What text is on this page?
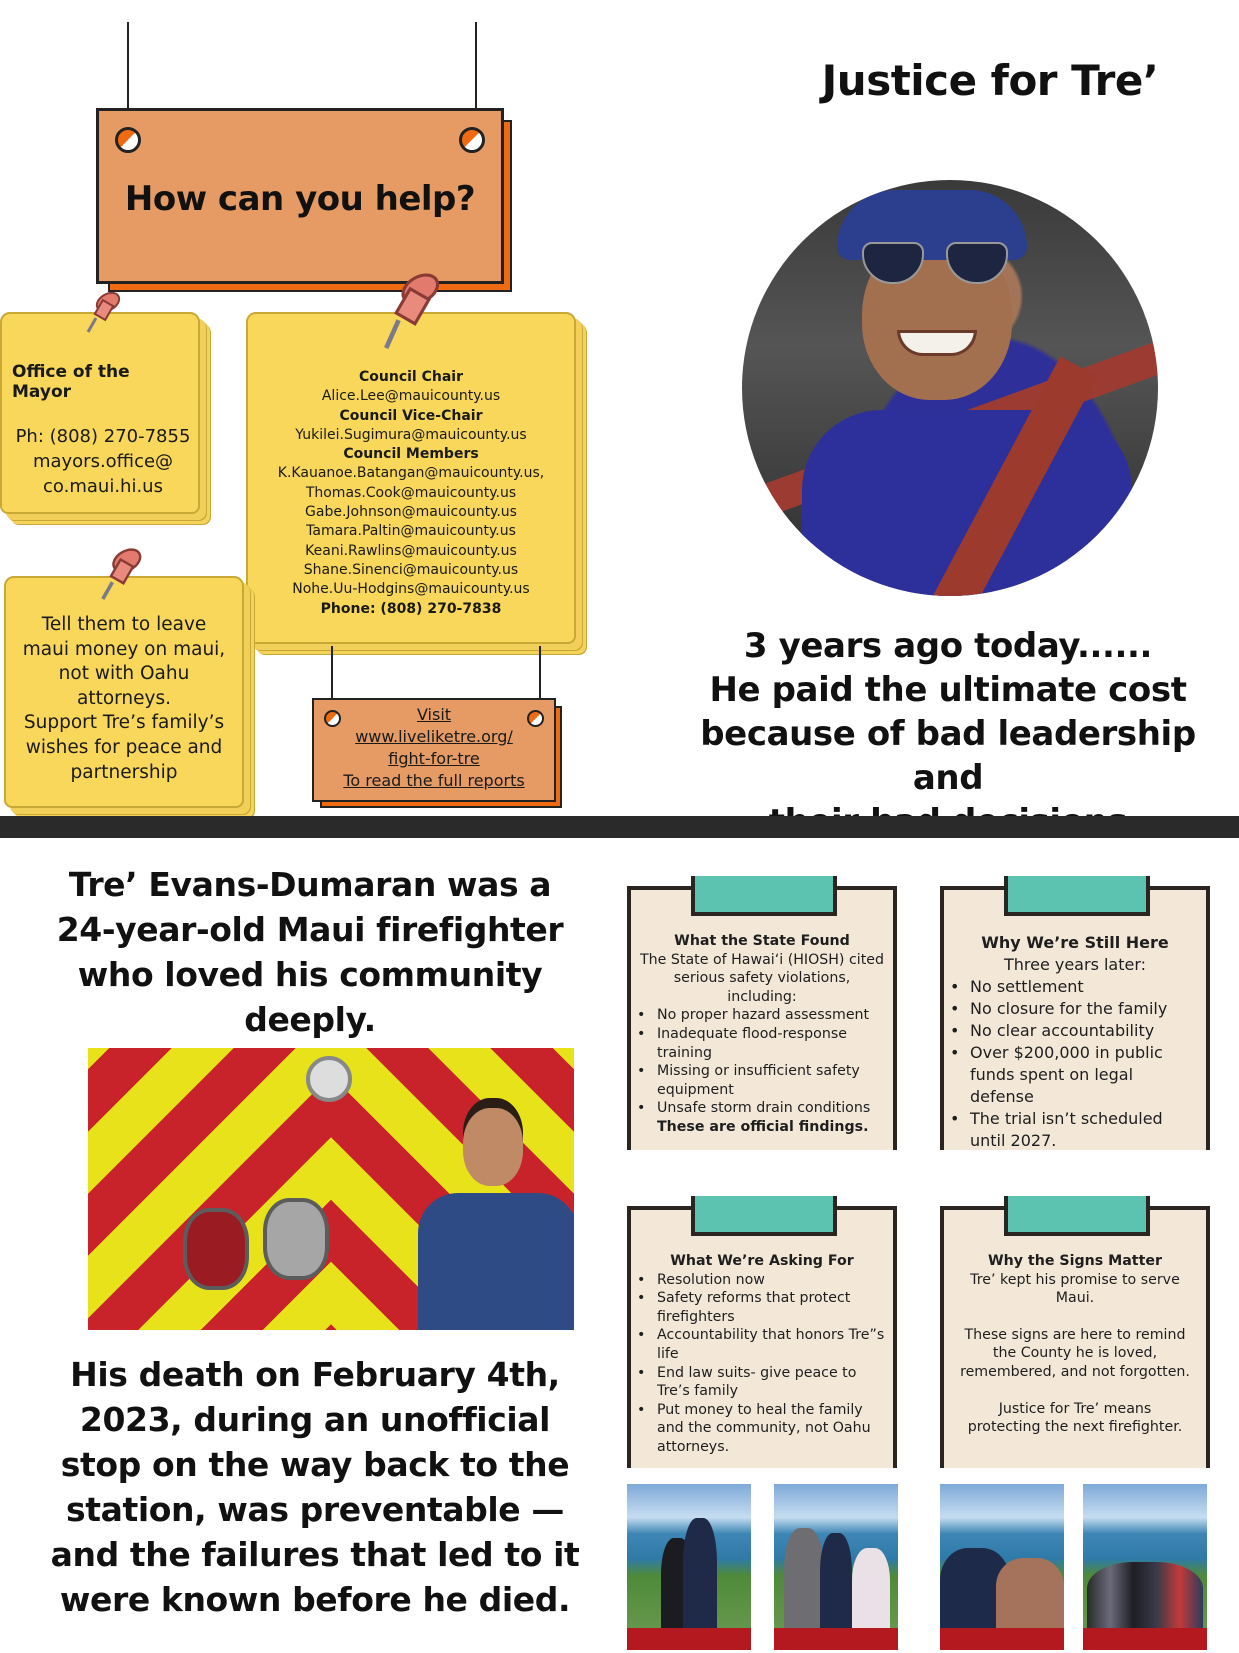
How can you help?
Office of the Mayor
Ph: (808) 270-7855
mayors.office@
co.maui.hi.us
Council Chair
Alice.Lee@mauicounty.us
Council Vice-Chair
Yukilei.Sugimura@mauicounty.us
Council Members
K.Kauanoe.Batangan@mauicounty.us,
Thomas.Cook@mauicounty.us
Gabe.Johnson@mauicounty.us
Tamara.Paltin@mauicounty.us
Keani.Rawlins@mauicounty.us
Shane.Sinenci@mauicounty.us
Nohe.Uu-Hodgins@mauicounty.us
Phone: (808) 270-7838
Tell them to leave
maui money on maui,
not with Oahu
attorneys.
Support Tre’s family’s
wishes for peace and
partnership
Visit
www.liveliketre.org/
fight-for-tre
To read the full reports
Justice for Tre’
3 years ago today......
He paid the ultimate cost
because of bad leadership and
Tre’ Evans-Dumaran was a
24-year-old Maui firefighter
who loved his community
deeply.
His death on February 4th,
2023, during an unofficial
stop on the way back to the
station, was preventable —
and the failures that led to it
were known before he died.
What the State Found
The State of Hawai‘i (HIOSH) cited serious safety violations, including:
• No proper hazard assessment
• Inadequate flood-response training
• Missing or insufficient safety equipment
• Unsafe storm drain conditions
These are official findings.
Why We’re Still Here
Three years later:
• No settlement
• No closure for the family
• No clear accountability
• Over $200,000 in public funds spent on legal defense
• The trial isn’t scheduled until 2027.
What We’re Asking For
• Resolution now
• Safety reforms that protect firefighters
• Accountability that honors Tre”s life
• End law suits- give peace to Tre’s family
• Put money to heal the family and the community, not Oahu attorneys.
Why the Signs Matter
Tre’ kept his promise to serve Maui.
These signs are here to remind the County he is loved, remembered, and not forgotten.
Justice for Tre’ means protecting the next firefighter.
